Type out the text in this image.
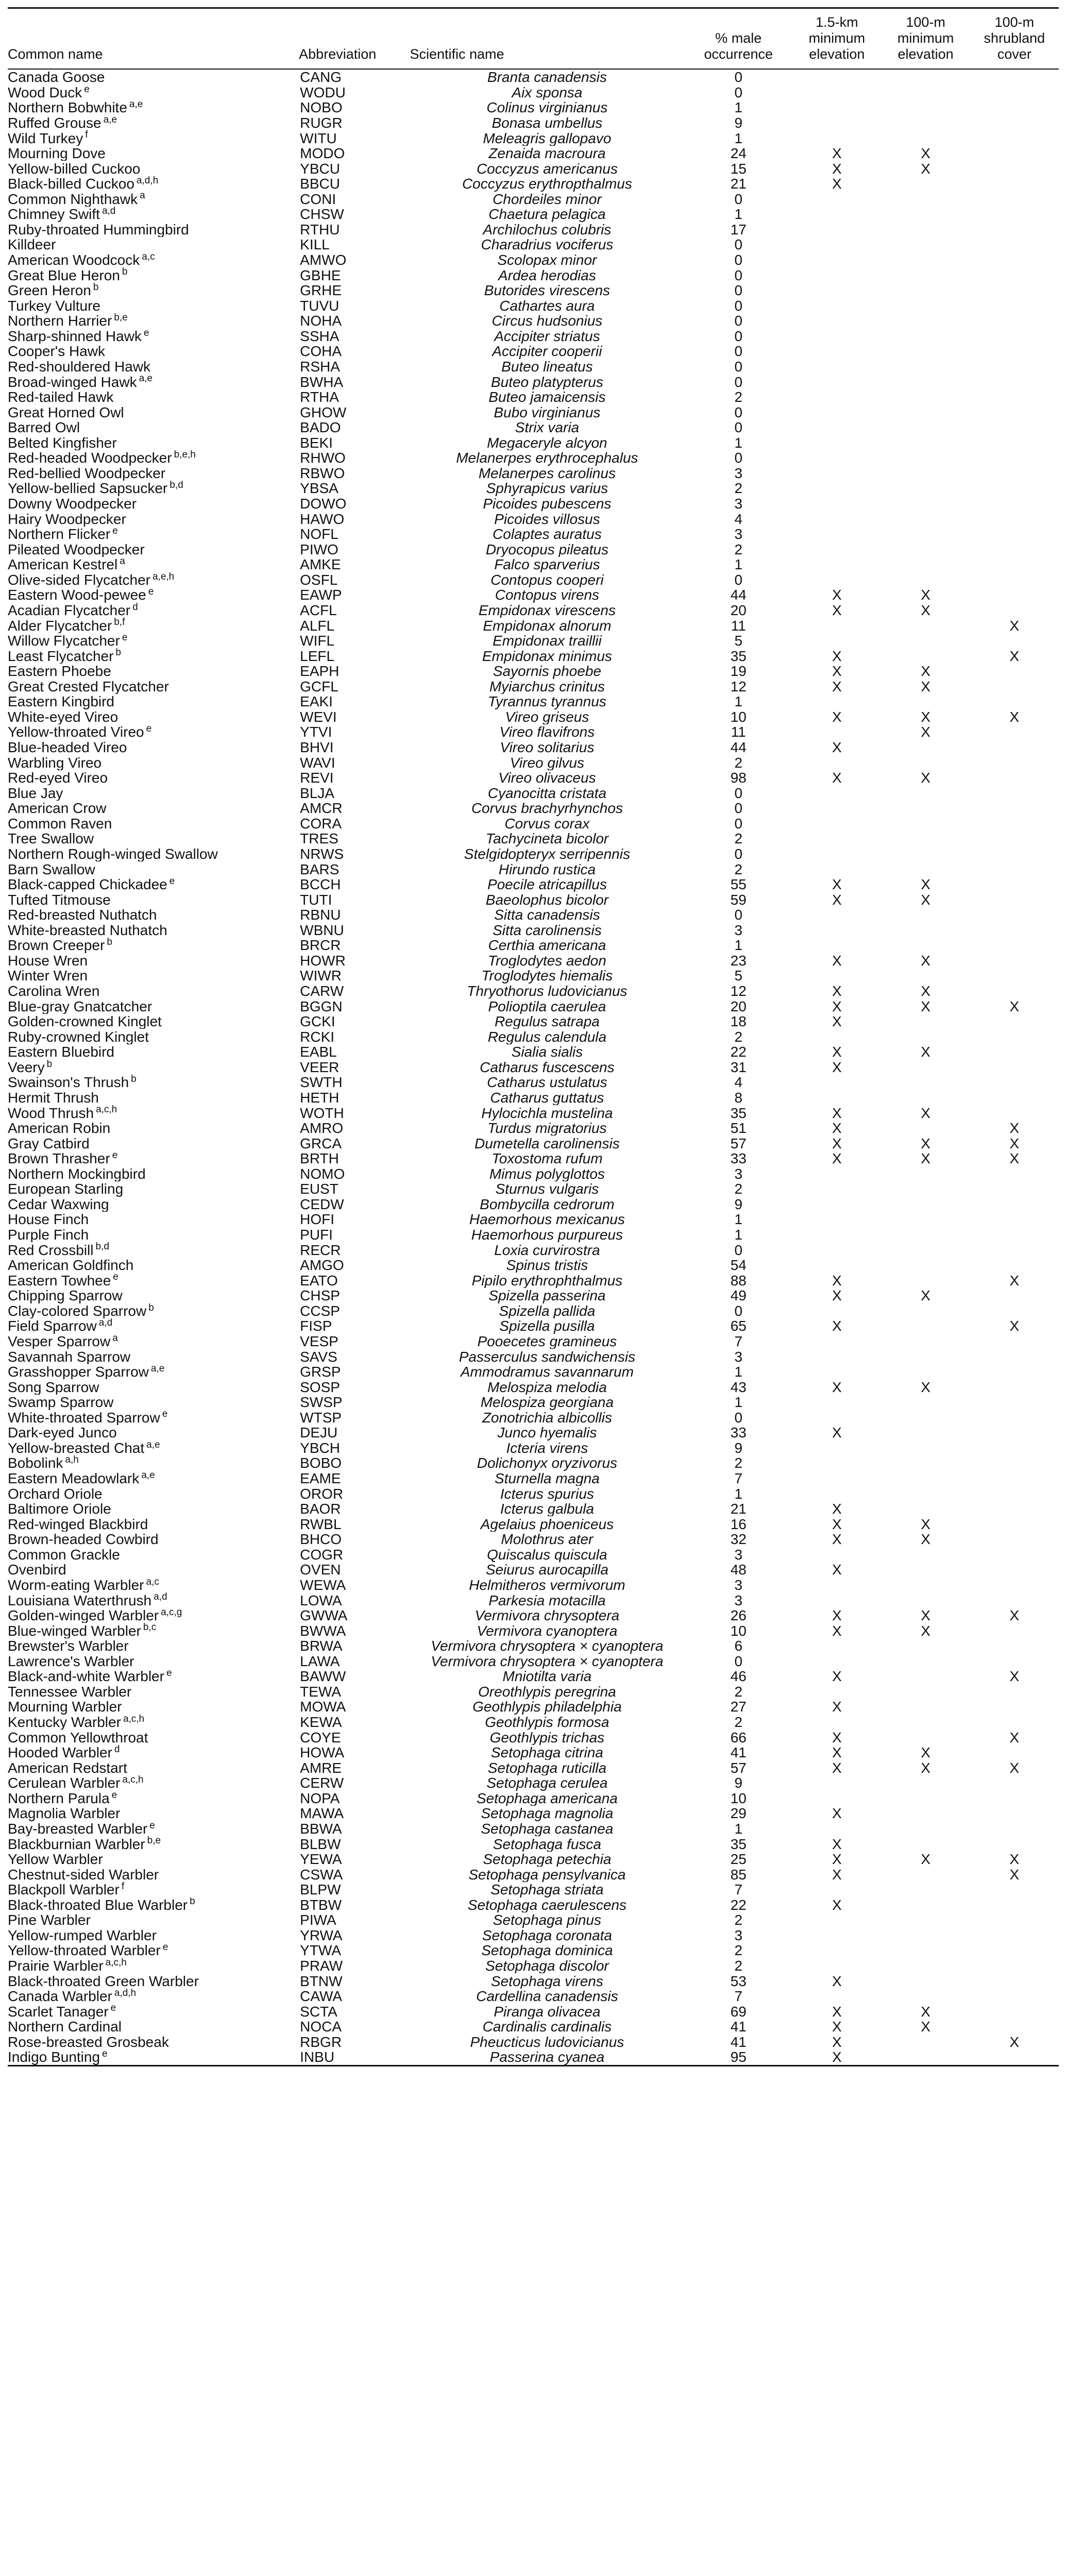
Common name	Abbreviation	Scientific name	% male occurrence	1.5-km minimum elevation	100-m minimum elevation	100-m shrubland cover
Canada Goose	CANG	Branta canadensis	0			
Wood Duck $^e$	WODU	Aix sponsa	0			
Northern Bobwhite $^{a,e}$	NOBO	Colinus virginianus	1			
Ruffed Grouse $^{a,e}$	RUGR	Bonasa umbellus	9			
Wild Turkey $^f$	WITU	Meleagris gallopavo	1			
Mourning Dove	MODO	Zenaida macroura	24	X	X	
Yellow-billed Cuckoo	YBCU	Coccyzus americanus	15	X	X	
Black-billed Cuckoo $^{a,d,h}$	BBCU	Coccyzus erythropthalmus	21	X		
Common Nighthawk $^a$	CONI	Chordeiles minor	0			
Chimney Swift $^{a,d}$	CHSW	Chaetura pelagica	1			
Ruby-throated Hummingbird	RTHU	Archilochus colubris	17			
Killdeer	KILL	Charadrius vociferus	0			
American Woodcock $^{a,c}$	AMWO	Scolopax minor	0			
Great Blue Heron $^b$	GBHE	Ardea herodias	0			
Green Heron $^b$	GRHE	Butorides virescens	0			
Turkey Vulture	TUVU	Cathartes aura	0			
Northern Harrier $^{b,e}$	NOHA	Circus hudsonius	0			
Sharp-shinned Hawk $^e$	SSHA	Accipiter striatus	0			
Cooper's Hawk	COHA	Accipiter cooperii	0			
Red-shouldered Hawk	RSHA	Buteo lineatus	0			
Broad-winged Hawk $^{a,e}$	BWHA	Buteo platypterus	0			
Red-tailed Hawk	RTHA	Buteo jamaicensis	2			
Great Horned Owl	GHOW	Bubo virginianus	0			
Barred Owl	BADO	Strix varia	0			
Belted Kingfisher	BEKI	Megaceryle alcyon	1			
Red-headed Woodpecker $^{b,e,h}$	RHWO	Melanerpes erythrocephalus	0			
Red-bellied Woodpecker	RBWO	Melanerpes carolinus	3			
Yellow-bellied Sapsucker $^{b,d}$	YBSA	Sphyrapicus varius	2			
Downy Woodpecker	DOWO	Picoides pubescens	3			
Hairy Woodpecker	HAWO	Picoides villosus	4			
Northern Flicker $^e$	NOFL	Colaptes auratus	3			
Pileated Woodpecker	PIWO	Dryocopus pileatus	2			
American Kestrel $^a$	AMKE	Falco sparverius	1			
Olive-sided Flycatcher $^{a,e,h}$	OSFL	Contopus cooperi	0			
Eastern Wood-pewee $^e$	EAWP	Contopus virens	44	X	X	
Acadian Flycatcher $^d$	ACFL	Empidonax virescens	20	X	X	
Alder Flycatcher $^{b,f}$	ALFL	Empidonax alnorum	11			X
Willow Flycatcher $^e$	WIFL	Empidonax traillii	5			
Least Flycatcher $^b$	LEFL	Empidonax minimus	35	X		X
Eastern Phoebe	EAPH	Sayornis phoebe	19	X	X	
Great Crested Flycatcher	GCFL	Myiarchus crinitus	12	X	X	
Eastern Kingbird	EAKI	Tyrannus tyrannus	1			
White-eyed Vireo	WEVI	Vireo griseus	10	X	X	X
Yellow-throated Vireo $^e$	YTVI	Vireo flavifrons	11		X	
Blue-headed Vireo	BHVI	Vireo solitarius	44	X		
Warbling Vireo	WAVI	Vireo gilvus	2			
Red-eyed Vireo	REVI	Vireo olivaceus	98	X	X	
Blue Jay	BLJA	Cyanocitta cristata	0			
American Crow	AMCR	Corvus brachyrhynchos	0			
Common Raven	CORA	Corvus corax	0			
Tree Swallow	TRES	Tachycineta bicolor	2			
Northern Rough-winged Swallow	NRWS	Stelgidopteryx serripennis	0			
Barn Swallow	BARS	Hirundo rustica	2			
Black-capped Chickadee $^e$	BCCH	Poecile atricapillus	55	X	X	
Tufted Titmouse	TUTI	Baeolophus bicolor	59	X	X	
Red-breasted Nuthatch	RBNU	Sitta canadensis	0			
White-breasted Nuthatch	WBNU	Sitta carolinensis	3			
Brown Creeper $^b$	BRCR	Certhia americana	1			
House Wren	HOWR	Troglodytes aedon	23	X	X	
Winter Wren	WIWR	Troglodytes hiemalis	5			
Carolina Wren	CARW	Thryothorus ludovicianus	12	X	X	
Blue-gray Gnatcatcher	BGGN	Polioptila caerulea	20	X	X	X
Golden-crowned Kinglet	GCKI	Regulus satrapa	18	X		
Ruby-crowned Kinglet	RCKI	Regulus calendula	2			
Eastern Bluebird	EABL	Sialia sialis	22	X	X	
Veery $^b$	VEER	Catharus fuscescens	31	X		
Swainson's Thrush $^b$	SWTH	Catharus ustulatus	4			
Hermit Thrush	HETH	Catharus guttatus	8			
Wood Thrush $^{a,c,h}$	WOTH	Hylocichla mustelina	35	X	X	
American Robin	AMRO	Turdus migratorius	51	X		X
Gray Catbird	GRCA	Dumetella carolinensis	57	X	X	X
Brown Thrasher $^e$	BRTH	Toxostoma rufum	33	X	X	X
Northern Mockingbird	NOMO	Mimus polyglottos	3			
European Starling	EUST	Sturnus vulgaris	2			
Cedar Waxwing	CEDW	Bombycilla cedrorum	9			
House Finch	HOFI	Haemorhous mexicanus	1			
Purple Finch	PUFI	Haemorhous purpureus	1			
Red Crossbill $^{b,d}$	RECR	Loxia curvirostra	0			
American Goldfinch	AMGO	Spinus tristis	54			
Eastern Towhee $^e$	EATO	Pipilo erythrophthalmus	88	X		X
Chipping Sparrow	CHSP	Spizella passerina	49	X	X	
Clay-colored Sparrow $^b$	CCSP	Spizella pallida	0			
Field Sparrow $^{a,d}$	FISP	Spizella pusilla	65	X		X
Vesper Sparrow $^a$	VESP	Pooecetes gramineus	7			
Savannah Sparrow	SAVS	Passerculus sandwichensis	3			
Grasshopper Sparrow $^{a,e}$	GRSP	Ammodramus savannarum	1			
Song Sparrow	SOSP	Melospiza melodia	43	X	X	
Swamp Sparrow	SWSP	Melospiza georgiana	1			
White-throated Sparrow $^e$	WTSP	Zonotrichia albicollis	0			
Dark-eyed Junco	DEJU	Junco hyemalis	33	X		
Yellow-breasted Chat $^{a,e}$	YBCH	Icteria virens	9			
Bobolink $^{a,h}$	BOBO	Dolichonyx oryzivorus	2			
Eastern Meadowlark $^{a,e}$	EAME	Sturnella magna	7			
Orchard Oriole	OROR	Icterus spurius	1			
Baltimore Oriole	BAOR	Icterus galbula	21	X		
Red-winged Blackbird	RWBL	Agelaius phoeniceus	16	X	X	
Brown-headed Cowbird	BHCO	Molothrus ater	32	X	X	
Common Grackle	COGR	Quiscalus quiscula	3			
Ovenbird	OVEN	Seiurus aurocapilla	48	X		
Worm-eating Warbler $^{a,c}$	WEWA	Helmitheros vermivorum	3			
Louisiana Waterthrush $^{a,d}$	LOWA	Parkesia motacilla	3			
Golden-winged Warbler $^{a,c,g}$	GWWA	Vermivora chrysoptera	26	X	X	X
Blue-winged Warbler $^{b,c}$	BWWA	Vermivora cyanoptera	10	X	X	
Brewster's Warbler	BRWA	Vermivora chrysoptera × cyanoptera	6			
Lawrence's Warbler	LAWA	Vermivora chrysoptera × cyanoptera	0			
Black-and-white Warbler $^e$	BAWW	Mniotilta varia	46	X		X
Tennessee Warbler	TEWA	Oreothlypis peregrina	2			
Mourning Warbler	MOWA	Geothlypis philadelphia	27	X		
Kentucky Warbler $^{a,c,h}$	KEWA	Geothlypis formosa	2			
Common Yellowthroat	COYE	Geothlypis trichas	66	X		X
Hooded Warbler $^d$	HOWA	Setophaga citrina	41	X	X	
American Redstart	AMRE	Setophaga ruticilla	57	X	X	X
Cerulean Warbler $^{a,c,h}$	CERW	Setophaga cerulea	9			
Northern Parula $^e$	NOPA	Setophaga americana	10			
Magnolia Warbler	MAWA	Setophaga magnolia	29	X		
Bay-breasted Warbler $^e$	BBWA	Setophaga castanea	1			
Blackburnian Warbler $^{b,e}$	BLBW	Setophaga fusca	35	X		
Yellow Warbler	YEWA	Setophaga petechia	25	X	X	X
Chestnut-sided Warbler	CSWA	Setophaga pensylvanica	85	X		X
Blackpoll Warbler $^f$	BLPW	Setophaga striata	7			
Black-throated Blue Warbler $^b$	BTBW	Setophaga caerulescens	22	X		
Pine Warbler	PIWA	Setophaga pinus	2			
Yellow-rumped Warbler	YRWA	Setophaga coronata	3			
Yellow-throated Warbler $^e$	YTWA	Setophaga dominica	2			
Prairie Warbler $^{a,c,h}$	PRAW	Setophaga discolor	2			
Black-throated Green Warbler	BTNW	Setophaga virens	53	X		
Canada Warbler $^{a,d,h}$	CAWA	Cardellina canadensis	7			
Scarlet Tanager $^e$	SCTA	Piranga olivacea	69	X	X	
Northern Cardinal	NOCA	Cardinalis cardinalis	41	X	X	
Rose-breasted Grosbeak	RBGR	Pheucticus ludovicianus	41	X		X
Indigo Bunting $^e$	INBU	Passerina cyanea	95	X		
